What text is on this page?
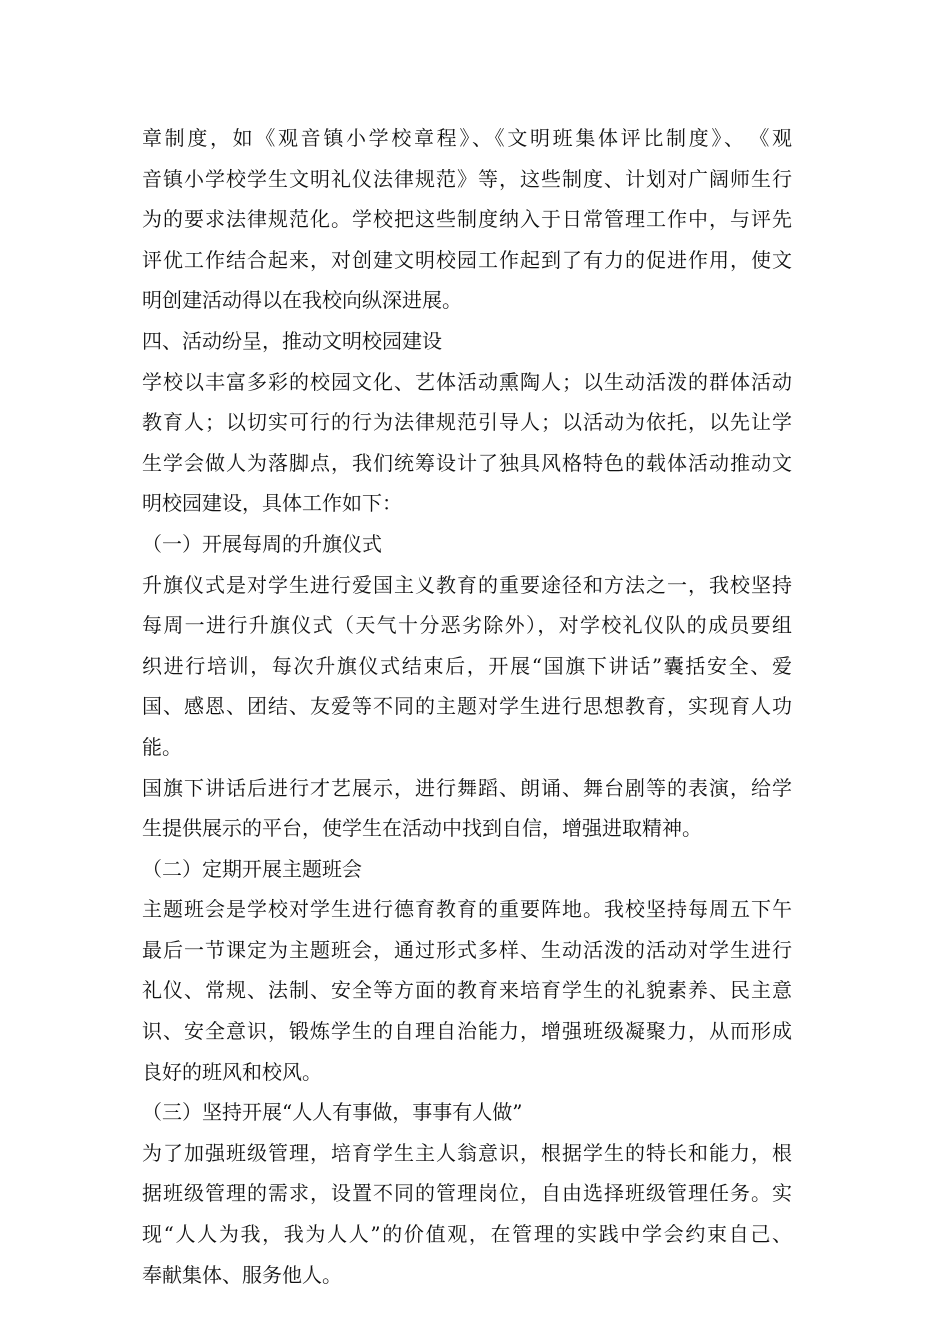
章制度，如《观音镇小学校章程》、《文明班集体评比制度》、　《观
音镇小学校学生文明礼仪法律规范》等，这些制度、计划对广阔师生行
为的要求法律规范化。学校把这些制度纳入于日常管理工作中，与评先
评优工作结合起来，对创建文明校园工作起到了有力的促进作用，使文
明创建活动得以在我校向纵深进展。
四、活动纷呈，推动文明校园建设
学校以丰富多彩的校园文化、艺体活动熏陶人；以生动活泼的群体活动
教育人；以切实可行的行为法律规范引导人；以活动为依托，以先让学
生学会做人为落脚点，我们统筹设计了独具风格特色的载体活动推动文
明校园建设，具体工作如下：
（一）开展每周的升旗仪式
升旗仪式是对学生进行爱国主义教育的重要途径和方法之一，我校坚持
每周一进行升旗仪式（天气十分恶劣除外），对学校礼仪队的成员要组
织进行培训，每次升旗仪式结束后，开展“国旗下讲话”囊括安全、爱
国、感恩、团结、友爱等不同的主题对学生进行思想教育，实现育人功
能。
国旗下讲话后进行才艺展示，进行舞蹈、朗诵、舞台剧等的表演，给学
生提供展示的平台，使学生在活动中找到自信，增强进取精神。
（二）定期开展主题班会
主题班会是学校对学生进行德育教育的重要阵地。我校坚持每周五下午
最后一节课定为主题班会，通过形式多样、生动活泼的活动对学生进行
礼仪、常规、法制、安全等方面的教育来培育学生的礼貌素养、民主意
识、安全意识，锻炼学生的自理自治能力，增强班级凝聚力，从而形成
良好的班风和校风。
（三）坚持开展“人人有事做，事事有人做”
为了加强班级管理，培育学生主人翁意识，根据学生的特长和能力，根
据班级管理的需求，设置不同的管理岗位，自由选择班级管理任务。实
现“人人为我，我为人人”的价值观，在管理的实践中学会约束自己、
奉献集体、服务他人。
